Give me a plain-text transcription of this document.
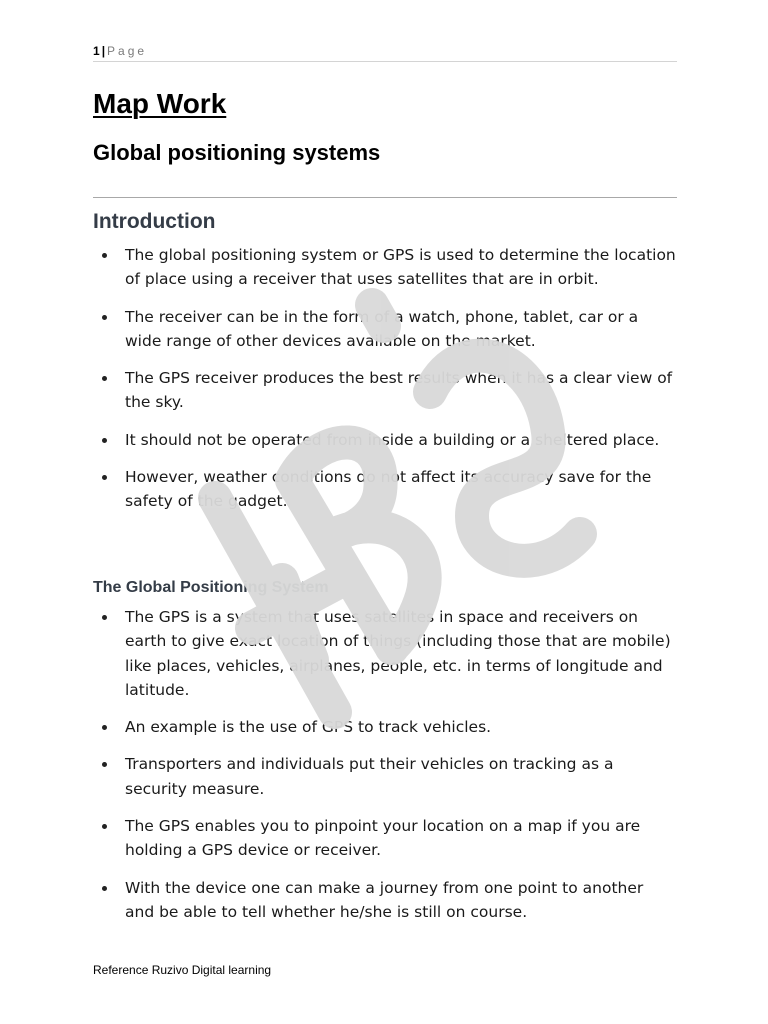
1 | Page
Map Work
Global positioning systems
Introduction
The global positioning system or GPS is used to determine the location of place using a receiver that uses satellites that are in orbit.
The receiver can be in the form of a watch, phone, tablet, car or a wide range of other devices available on the market.
The GPS receiver produces the best results when it has a clear view of the sky.
It should not be operated from inside a building or a sheltered place.
However, weather conditions do not affect its accuracy save for the safety of the gadget.
The Global Positioning System
The GPS is a system that uses satellites in space and receivers on earth to give exact location of things (including those that are mobile) like places, vehicles, airplanes, people, etc. in terms of longitude and latitude.
An example is the use of GPS to track vehicles.
Transporters and individuals put their vehicles on tracking as a security measure.
The GPS enables you to pinpoint your location on a map if you are holding a GPS device or receiver.
With the device one can make a journey from one point to another and be able to tell whether he/she is still on course.
Reference Ruzivo Digital learning
